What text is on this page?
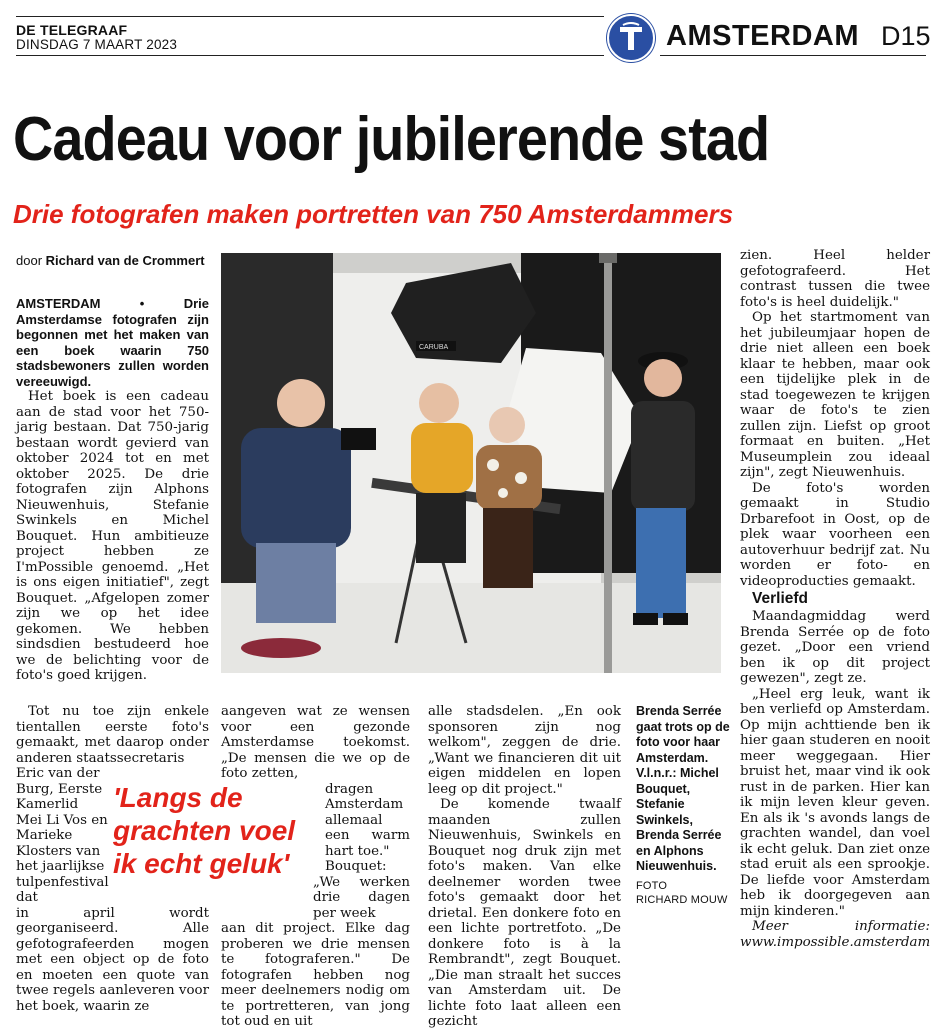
DE TELEGRAAF
DINSDAG 7 MAART 2023	AMSTERDAM D15
Cadeau voor jubilerende stad
Drie fotografen maken portretten van 750 Amsterdammers
door Richard van de Crommert

AMSTERDAM •	Drie Amsterdamse fotografen zijn begonnen met het maken van een boek waarin 750 stadsbewoners zullen worden vereeuwigd.

Het boek is een cadeau aan de stad voor het 750-jarig bestaan. Dat 750-jarig bestaan wordt gevierd van oktober 2024 tot en met oktober 2025. De drie fotografen zijn Alphons Nieuwenhuis, Stefanie Swinkels en Michel Bouquet. Hun ambitieuze project hebben ze I'mPossible genoemd. „Het is ons eigen initiatief", zegt Bouquet. „Afgelopen zomer zijn we op het idee gekomen. We hebben sindsdien bestudeerd hoe we de belichting voor de foto's goed krijgen.

Tot nu toe zijn enkele tientallen eerste foto's gemaakt, met daarop onder anderen staatssecretaris

Eric van der Burg, Eerste Kamerlid Mei Li Vos en Marieke Klosters van het jaarlijkse tulpenfestival dat

in april wordt georganiseerd. Alle gefotografeerden mogen met een object op de foto en moeten een quote van twee regels aanleveren voor het boek, waarin ze

aangeven wat ze wensen voor een gezonde Amsterdamse toekomst. „De mensen die we op de foto zetten,

dragen Amsterdam allemaal een warm hart toe."

Bouquet: „We werken drie dagen per week

aan dit project. Elke dag proberen we drie mensen te fotograferen." De fotografen hebben nog meer deelnemers nodig om te portretteren, van jong tot oud en uit

'Langs de grachten voel ik echt geluk'

alle stadsdelen. „En ook sponsoren zijn nog welkom", zeggen de drie. „Want we financieren dit uit eigen middelen en lopen leeg op dit project."

De komende twaalf maanden zullen Nieuwenhuis, Swinkels en Bouquet nog druk zijn met foto's maken. Van elke deelnemer worden twee foto's gemaakt door het drietal. Een donkere foto en een lichte portretfoto. „De donkere foto is à la Rembrandt", zegt Bouquet. „Die man straalt het succes van Amsterdam uit. De lichte foto laat alleen een gezicht

Brenda Serrée gaat trots op de foto voor haar Amsterdam. V.l.n.r.: Michel Bouquet, Stefanie Swinkels, Brenda Serrée en Alphons Nieuwenhuis.
FOTO
RICHARD MOUW

zien. Heel helder gefotografeerd. Het contrast tussen die twee foto's is heel duidelijk."

Op het startmoment van het jubileumjaar hopen de drie niet alleen een boek klaar te hebben, maar ook een tijdelijke plek in de stad toegewezen te krijgen waar de foto's te zien zullen zijn. Liefst op groot formaat en buiten. „Het Museumplein zou ideaal zijn", zegt Nieuwenhuis.

De foto's worden gemaakt in Studio Drbarefoot in Oost, op de plek waar voorheen een autoverhuur bedrijf zat. Nu worden er foto- en videoproducties gemaakt.

Verliefd

Maandagmiddag werd Brenda Serrée op de foto gezet. „Door een vriend ben ik op dit project gewezen", zegt ze.

„Heel erg leuk, want ik ben verliefd op Amsterdam. Op mijn achttiende ben ik hier gaan studeren en nooit meer weggegaan. Hier bruist het, maar vind ik ook rust in de parken. Hier kan ik mijn leven kleur geven. En als ik 's avonds langs de grachten wandel, dan voel ik echt geluk. Dan ziet onze stad eruit als een sprookje. De liefde voor Amsterdam heb ik doorgegeven aan mijn kinderen."

Meer informatie: www.impossible.amsterdam

CARUBA
